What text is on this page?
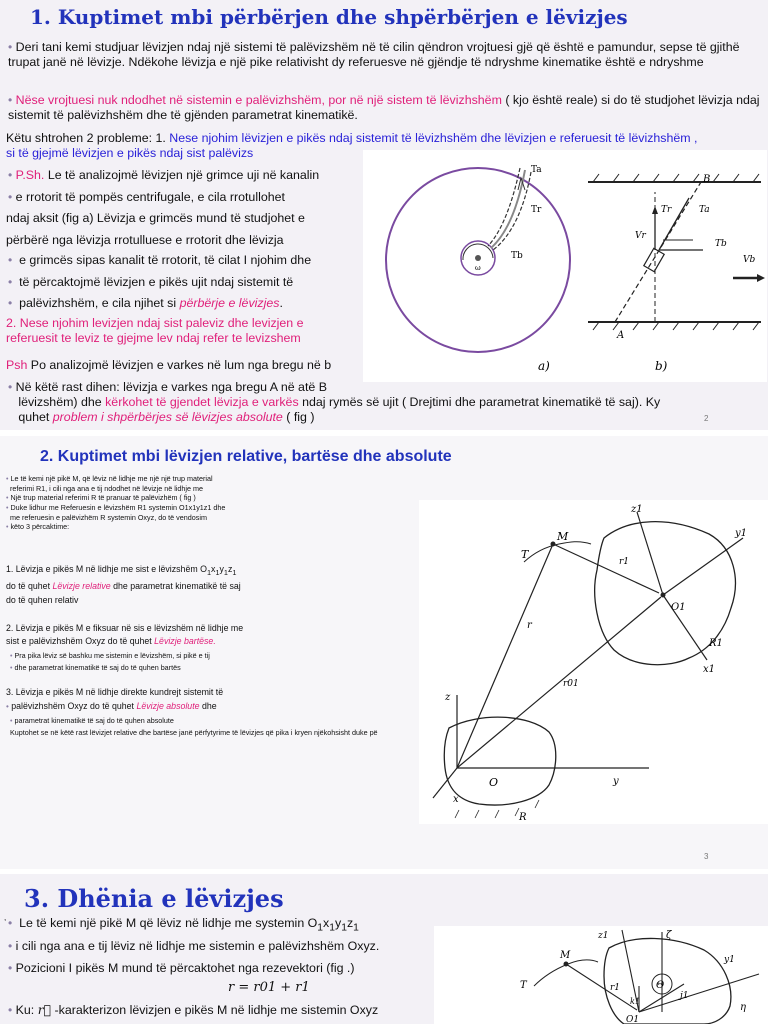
1. Kuptimet mbi përbërjen dhe shpërbërjen e lëvizjes
• Deri tani kemi studjuar lëvizjen ndaj një sistemi të palëvizshëm në të cilin qëndron vrojtuesi gjë që është e pamundur, sepse të gjithë trupat janë në lëvizje. Ndëkohe lëvizja e një pike relativisht dy referuesve në gjëndje të ndryshme kinematike është e ndryshme
• Nëse vrojtuesi nuk ndodhet në sistemin e palëvizhshëm, por në një sistem të lëvizhshëm ( kjo është reale) si do të studjohet lëvizja ndaj sistemit të palëvizhshëm dhe të gjënden parametrat kinematikë.
Këtu shtrohen 2 probleme: 1. Nese njohim lëvizjen e pikës ndaj sistemit të lëvizhshëm dhe lëvizjen e referuesit të lëvizhshëm , si të gjejmë lëvizjen e pikës ndaj sist palëvizs
• P.Sh. Le të analizojmë lëvizjen një grimce uji në kanalin
• e rrotorit të pompës centrifugale, e cila rrotullohet
ndaj aksit (fig a) Lëvizja e grimcës mund të studjohet e
përbërë nga lëvizja rrotulluese e rrotorit dhe lëvizja
• e grimcës sipas kanalit të rrotorit, të cilat I njohim dhe
• të përcaktojmë lëvizjen e pikës ujit ndaj sistemit të
• palëvizhshëm, e cila njihet si përbërje e lëvizjes.
2. Nese njohim levizjen ndaj sist paleviz dhe levizjen e
referuesit te leviz te gjejme lev ndaj refer te levizshem
Psh Po analizojmë lëvizjen e varkes në lum nga bregu në b
• Në këtë rast dihen: lëvizja e varkes nga bregu A në atë B
lëvizshëm) dhe kërkohet të gjendet lëvizja e varkës ndaj rymës së ujit ( Drejtimi dhe parametrat kinematikë të saj). Ky
quhet problem i shpërbërjes së lëvizjes absolute ( fig )	2
Ta
Tr
Tb
ω
a)
B
A
Vr
Vb
Tb
Tr	Ta
b)
2. Kuptimet mbi lëvizjen relative, bartëse dhe absolute
• Le të kemi një pikë M, që lëviz në lidhje me një një trup material
referimi R1, i cili nga ana e tij ndodhet në lëvizje në lidhje me
• Një trup material referimi R të pranuar të palëvizhëm ( fig )
• Duke lidhur me Referuesin e lëvizshëm R1 systemin O1x1y1z1 dhe
me referuesin e palëvizhëm R systemin Oxyz, do të vendosim
• këto 3 përcaktime:
1. Lëvizja e pikës M në lidhje me sist e lëvizshëm $O_1x_1y_1z_1$
do të quhet Lëvizje relative dhe parametrat kinematikë të saj
do të quhen relativ
2. Lëvizja e pikës M e fiksuar në sis e lëvizshëm në lidhje me
sist e palëvizhshëm Oxyz do të quhet Lëvizje bartëse.
• Pra pika lëviz së bashku me sistemin e lëvizshëm, si pikë e tij
• dhe parametrat kinematikë të saj do të quhen bartës
3. Lëvizja e pikës M në lidhje direkte kundrejt sistemit të
• palëvizhshëm Oxyz do të quhet Lëvizje absolute dhe
• parametrat kinematikë të saj do të quhen absolute
Kuptohet se në këtë rast lëvizjet relative dhe bartëse janë përfytyrime të lëvizjes që pika i kryen njëkohsisht duke pë
3
z1
y1
x1
M
T
r1
O1
r
r01
R1
z
O	y
x
R
3. Dhënia e lëvizjes
, • Le të kemi një pikë M që lëviz në lidhje me systemin $O_1x_1y_1z_1$
• i cili nga ana e tij lëviz në lidhje me sistemin e palëvizhshëm Oxyz.
• Pozicioni I pikës M mund të përcaktohet nga rezevektori (fig .)
r = r01 + r1
• Ku: r⃗ -karakterizon lëvizjen e pikës M në lidhje me sistemin Oxyz
z1	ζ
M	y1
T	Θ
r1
j1
k1
η
O1
